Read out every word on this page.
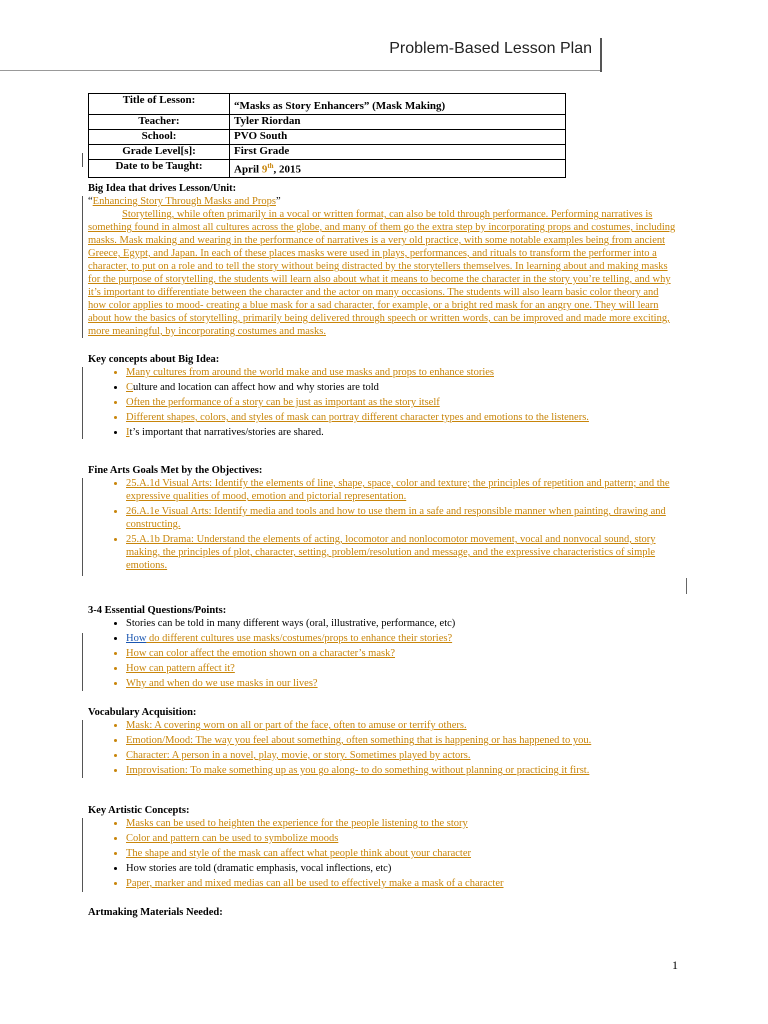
Problem-Based Lesson Plan
Title of Lesson:	“Masks as Story Enhancers” (Mask Making)
Teacher:	Tyler Riordan
School:	PVO South
Grade Level[s]:	First Grade
Date to be Taught:	April 9th, 2015
Big Idea that drives Lesson/Unit:
“Enhancing Story Through Masks and Props”

Storytelling, while often primarily in a vocal or written format, can also be told through performance. Performing narratives is something found in almost all cultures across the globe, and many of them go the extra step by incorporating props and costumes, including masks. Mask making and wearing in the performance of narratives is a very old practice, with some notable examples being from ancient Greece, Egypt, and Japan. In each of these places masks were used in plays, performances, and rituals to transform the performer into a character, to put on a role and to tell the story without being distracted by the storytellers themselves. In learning about and making masks for the purpose of storytelling, the students will learn also about what it means to become the character in the story you’re telling, and why it’s important to differentiate between the character and the actor on many occasions. The students will also learn basic color theory and how color applies to mood- creating a blue mask for a sad character, for example, or a bright red mask for an angry one. They will learn about how the basics of storytelling, primarily being delivered through speech or written words, can be improved and made more exciting, more meaningful, by incorporating costumes and masks.

Key concepts about Big Idea:
• Many cultures from around the world make and use masks and props to enhance stories
• Culture and location can affect how and why stories are told
• Often the performance of a story can be just as important as the story itself
• Different shapes, colors, and styles of mask can portray different character types and emotions to the listeners.
• It’s important that narratives/stories are shared.
Fine Arts Goals Met by the Objectives:
• 25.A.1d Visual Arts: Identify the elements of line, shape, space, color and texture; the principles of repetition and pattern; and the expressive qualities of mood, emotion and pictorial representation.
• 26.A.1e Visual Arts: Identify media and tools and how to use them in a safe and responsible manner when painting, drawing and constructing.
• 25.A.1b Drama: Understand the elements of acting, locomotor and nonlocomotor movement, vocal and nonvocal sound, story making, the principles of plot, character, setting, problem/resolution and message, and the expressive characteristics of simple emotions.
3-4 Essential Questions/Points:
• Stories can be told in many different ways (oral, illustrative, performance, etc)
• How do different cultures use masks/costumes/props to enhance their stories?
• How can color affect the emotion shown on a character’s mask?
• How can pattern affect it?
• Why and when do we use masks in our lives?
Vocabulary Acquisition:
• Mask: A covering worn on all or part of the face, often to amuse or terrify others.
• Emotion/Mood: The way you feel about something, often something that is happening or has happened to you.
• Character: A person in a novel, play, movie, or story. Sometimes played by actors.
• Improvisation: To make something up as you go along- to do something without planning or practicing it first.
Key Artistic Concepts:
• Masks can be used to heighten the experience for the people listening to the story
• Color and pattern can be used to symbolize moods
• The shape and style of the mask can affect what people think about your character
• How stories are told (dramatic emphasis, vocal inflections, etc)
• Paper, marker and mixed medias can all be used to effectively make a mask of a character
Artmaking Materials Needed:
1
